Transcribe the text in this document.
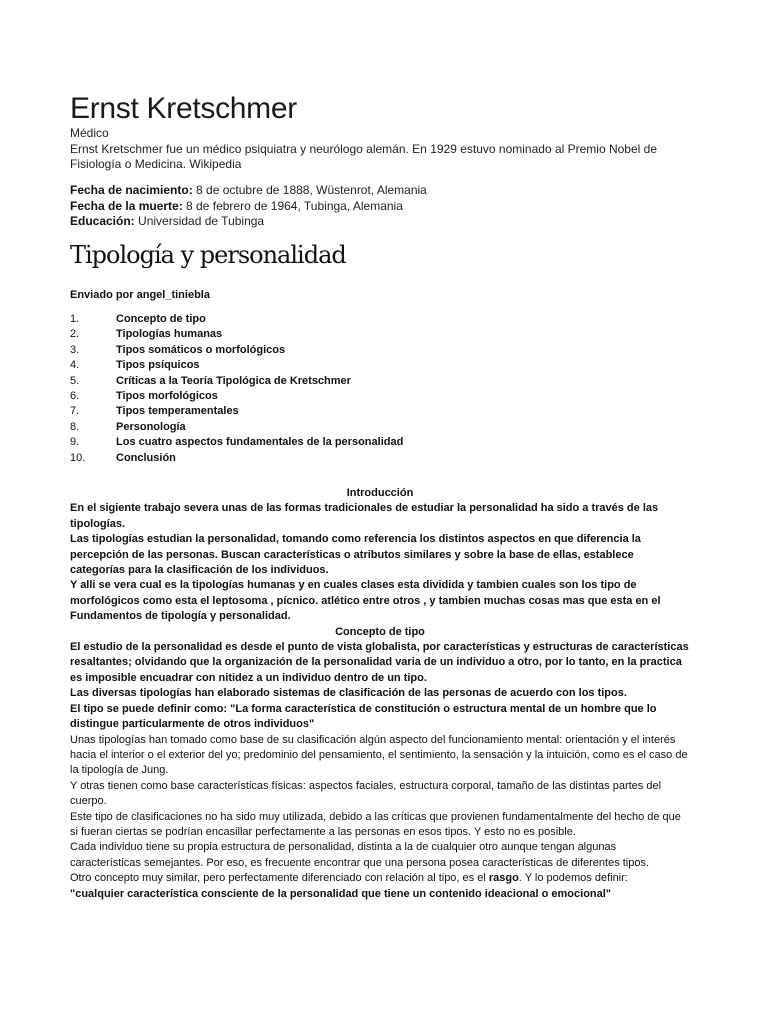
Ernst Kretschmer
Médico
Ernst Kretschmer fue un médico psiquiatra y neurólogo alemán. En 1929 estuvo nominado al Premio Nobel de Fisiología o Medicina. Wikipedia
Fecha de nacimiento: 8 de octubre de 1888, Wüstenrot, Alemania
Fecha de la muerte: 8 de febrero de 1964, Tubinga, Alemania
Educación: Universidad de Tubinga
Tipología y personalidad
Enviado por angel_tiniebla
1.	Concepto de tipo
2.	Tipologías humanas
3.	Tipos somáticos o morfológicos
4.	Tipos psíquicos
5.	Críticas a la Teoría Tipológica de Kretschmer
6.	Tipos morfológicos
7.	Tipos temperamentales
8.	Personología
9.	Los cuatro aspectos fundamentales de la personalidad
10.	Conclusión

Introducción

En el sigiente trabajo severa unas de las formas tradicionales de estudiar la personalidad ha sido a través de las tipologías.

Las tipologías estudian la personalidad, tomando como referencia los distintos aspectos en que diferencia la percepción de las personas. Buscan características o atributos similares y sobre la base de ellas, establece categorías para la clasificación de los individuos.

Y alli se vera cual es la tipologías humanas y en cuales clases esta dividida y tambien cuales son los tipo de morfológicos como esta el leptosoma , pícnico. atlético entre otros , y tambien muchas cosas mas que esta en el Fundamentos de tipología y personalidad.

Concepto de tipo

El estudio de la personalidad es desde el punto de vista globalista, por características y estructuras de características resaltantes; olvidando que la organización de la personalidad varia de un individuo a otro, por lo tanto, en la practica es imposible encuadrar con nitidez a un individuo dentro de un tipo.

Las diversas tipologías han elaborado sistemas de clasificación de las personas de acuerdo con los tipos.

El tipo se puede definir como: "La forma característica de constitución o estructura mental de un hombre que lo distingue particularmente de otros individuos"

Unas tipologías han tomado como base de su clasificación algún aspecto del funcionamiento mental: orientación y el interés hacia el interior o el exterior del yo; predominio del pensamiento, el sentimiento, la sensación y la intuición, como es el caso de la tipología de Jung.

Y otras tienen como base características físicas: aspectos faciales, estructura corporal, tamaño de las distintas partes del cuerpo.

Este tipo de clasificaciones no ha sido muy utilizada, debido a las críticas que provienen fundamentalmente del hecho de que si fueran ciertas se podrían encasillar perfectamente a las personas en esos tipos. Y esto no es posible.

Cada individuo tiene su propia estructura de personalidad, distinta a la de cualquier otro aunque tengan algunas características semejantes. Por eso, es frecuente encontrar que una persona posea características de diferentes tipos.

Otro concepto muy similar, pero perfectamente diferenciado con relación al tipo, es el rasgo. Y lo podemos definir:

"cualquier característica consciente de la personalidad que tiene un contenido ideacional o emocional"
